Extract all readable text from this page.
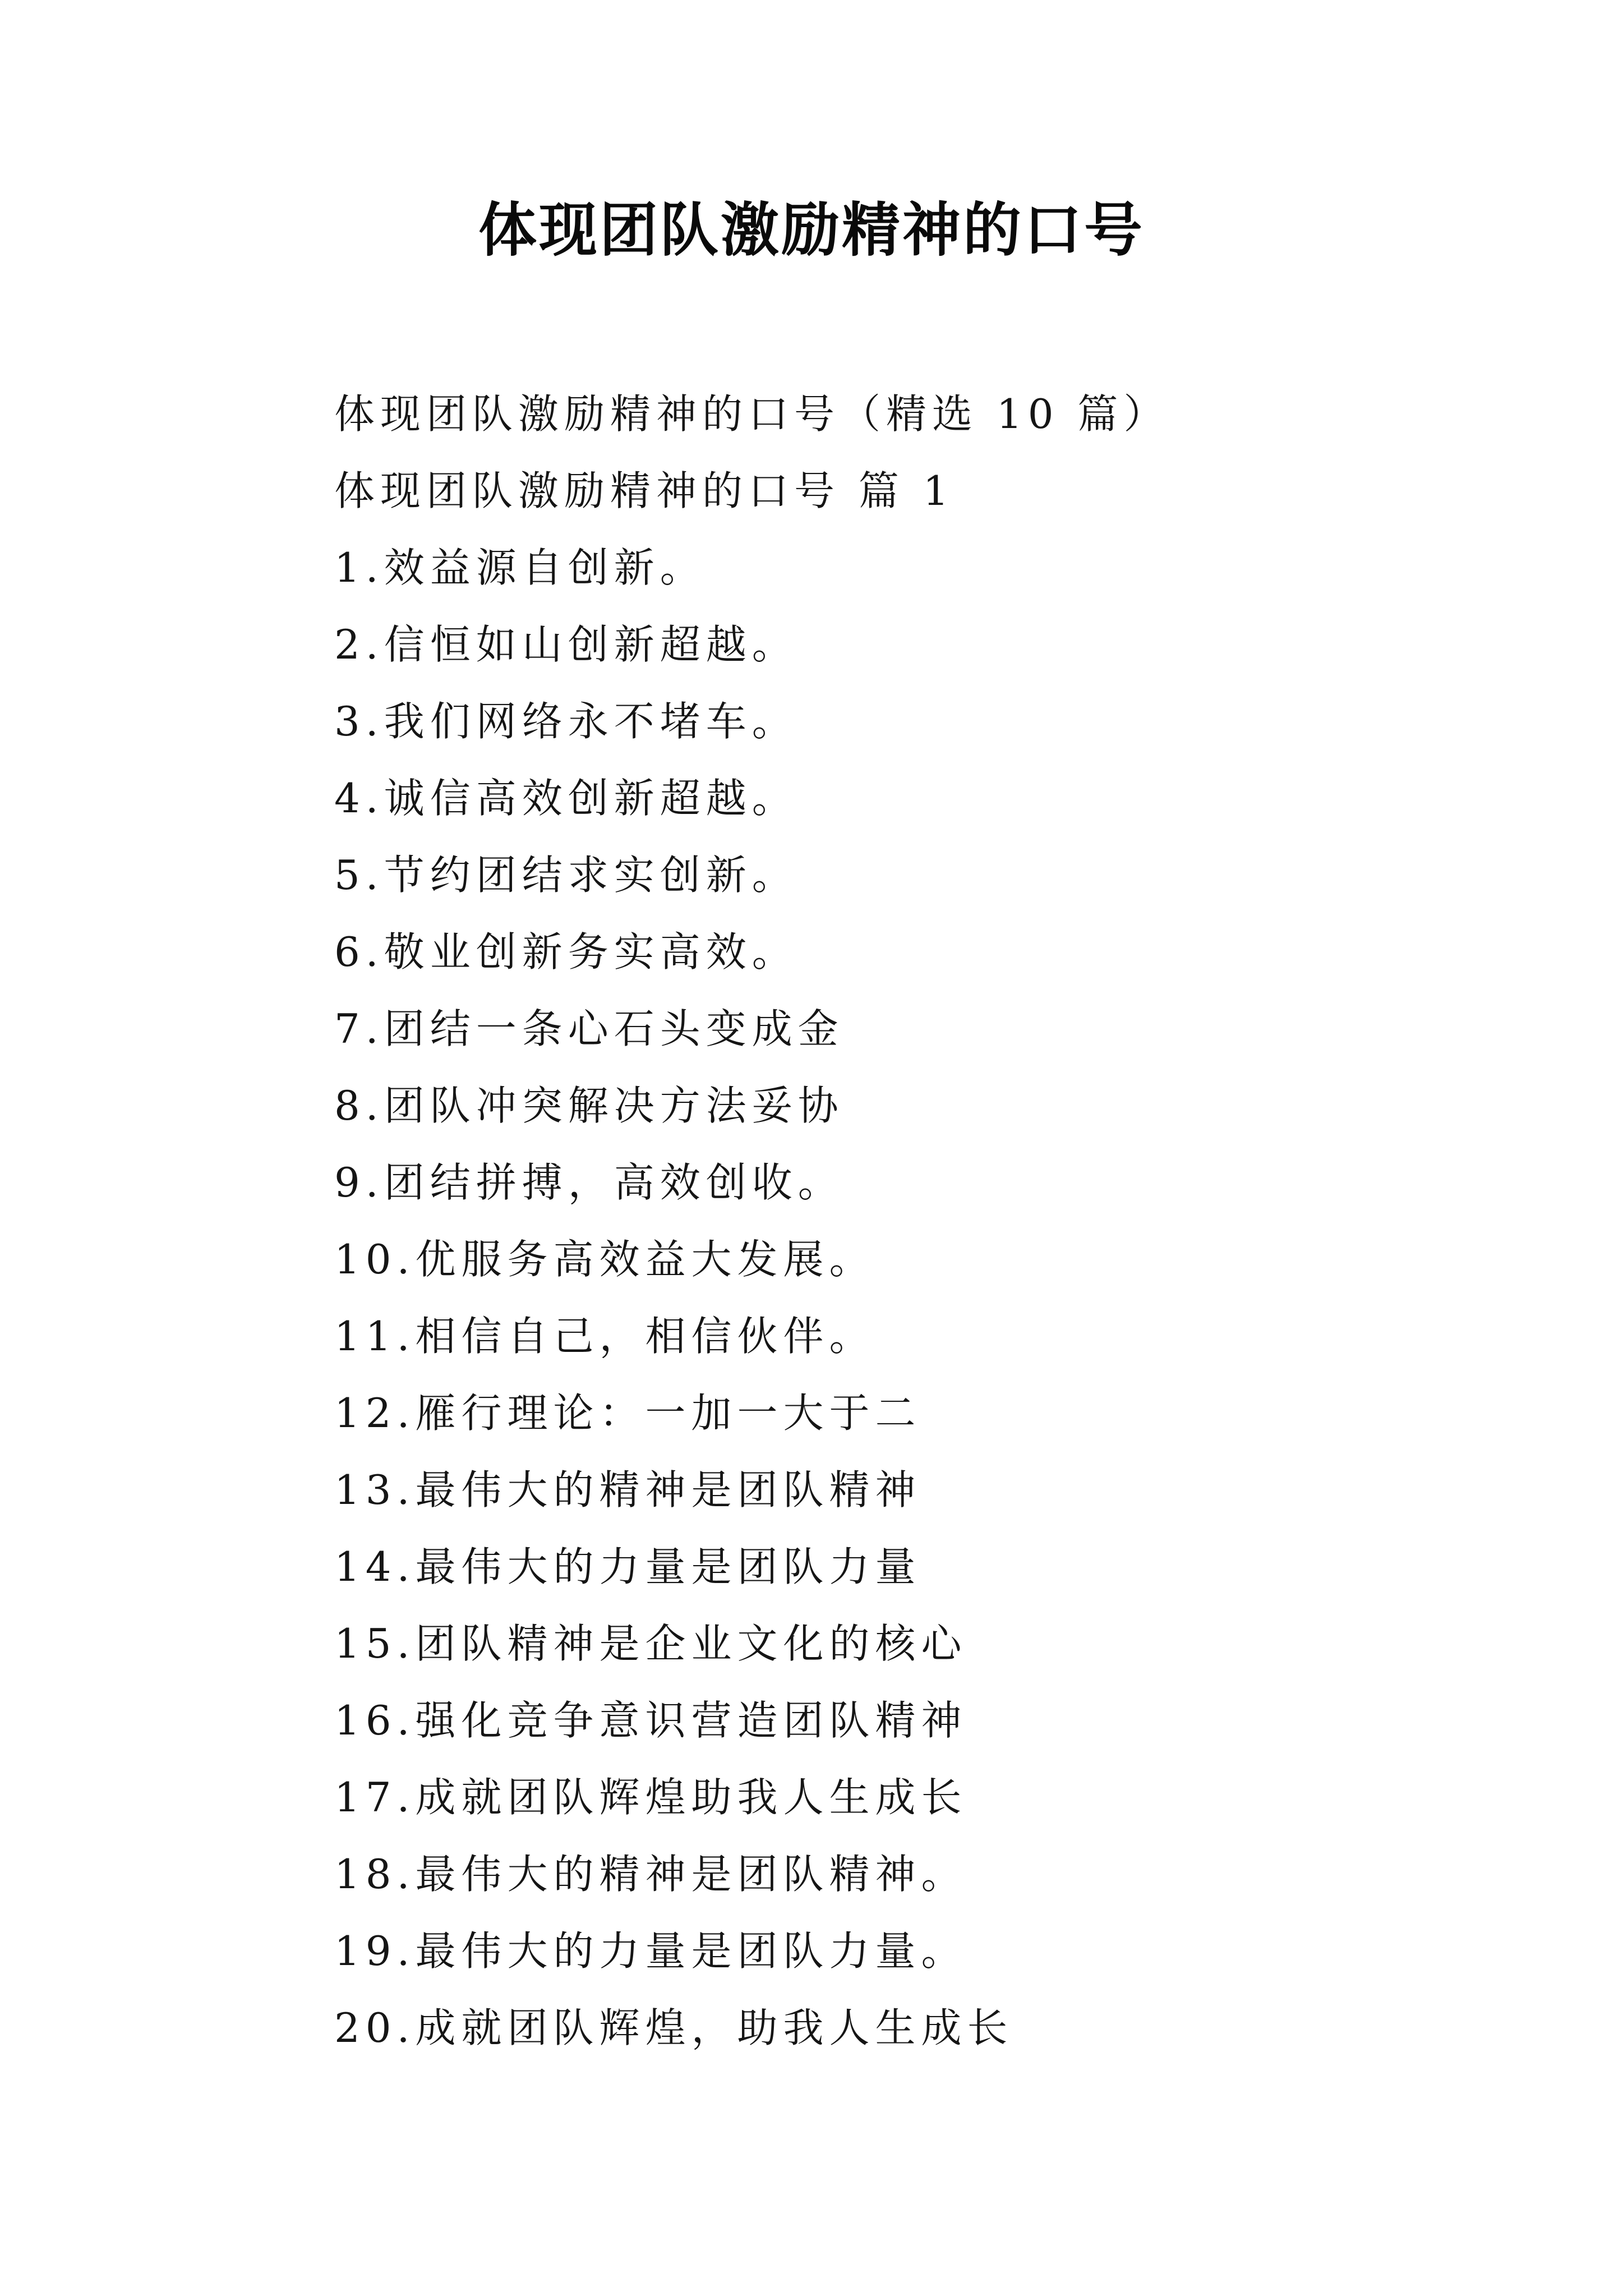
体现团队激励精神的口号
体现团队激励精神的口号（精选 10 篇）
体现团队激励精神的口号 篇 1
1.效益源自创新。
2.信恒如山创新超越。
3.我们网络永不堵车。
4.诚信高效创新超越。
5.节约团结求实创新。
6.敬业创新务实高效。
7.团结一条心石头变成金
8.团队冲突解决方法妥协
9.团结拼搏，高效创收。
10.优服务高效益大发展。
11.相信自己，相信伙伴。
12.雁行理论：一加一大于二
13.最伟大的精神是团队精神
14.最伟大的力量是团队力量
15.团队精神是企业文化的核心
16.强化竞争意识营造团队精神
17.成就团队辉煌助我人生成长
18.最伟大的精神是团队精神。
19.最伟大的力量是团队力量。
20.成就团队辉煌，助我人生成长
